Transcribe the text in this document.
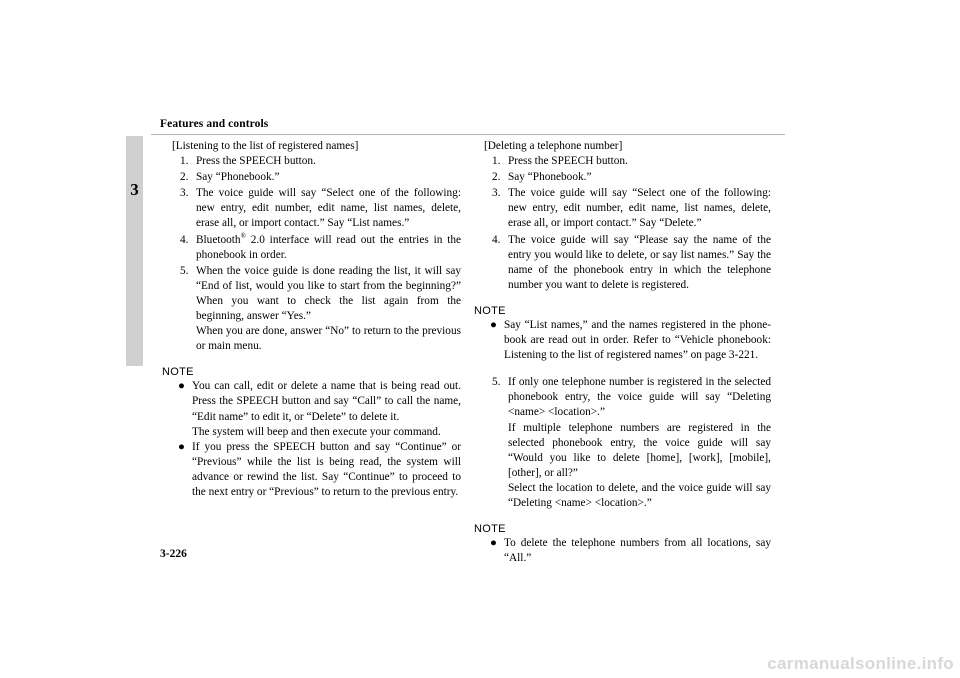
Features and controls
3
[Listening to the list of registered names]
1. Press the SPEECH button.
2. Say “Phonebook.”
3. The voice guide will say “Select one of the following: new entry, edit number, edit name, list names, delete, erase all, or import contact.” Say “List names.”
4. Bluetooth® 2.0 interface will read out the entries in the phonebook in order.
5. When the voice guide is done reading the list, it will say “End of list, would you like to start from the beginning?” When you want to check the list again from the beginning, answer “Yes.”
When you are done, answer “No” to return to the previous or main menu.
NOTE
● You can call, edit or delete a name that is being read out. Press the SPEECH button and say “Call” to call the name, “Edit name” to edit it, or “Delete” to delete it.
The system will beep and then execute your command.
● If you press the SPEECH button and say “Continue” or “Previous” while the list is being read, the system will advance or rewind the list. Say “Continue” to proceed to the next entry or “Previous” to return to the previous entry.
[Deleting a telephone number]
1. Press the SPEECH button.
2. Say “Phonebook.”
3. The voice guide will say “Select one of the following: new entry, edit number, edit name, list names, delete, erase all, or import contact.” Say “Delete.”
4. The voice guide will say “Please say the name of the entry you would like to delete, or say list names.” Say the name of the phonebook entry in which the telephone number you want to delete is registered.
NOTE
● Say “List names,” and the names registered in the phone-book are read out in order. Refer to “Vehicle phonebook: Listening to the list of registered names” on page 3-221.
5. If only one telephone number is registered in the selected phonebook entry, the voice guide will say “Deleting <name> <location>.”
If multiple telephone numbers are registered in the selected phonebook entry, the voice guide will say “Would you like to delete [home], [work], [mobile], [other], or all?”
Select the location to delete, and the voice guide will say “Deleting <name> <location>.”
NOTE
● To delete the telephone numbers from all locations, say “All.”
3-226
carmanualsonline.info
